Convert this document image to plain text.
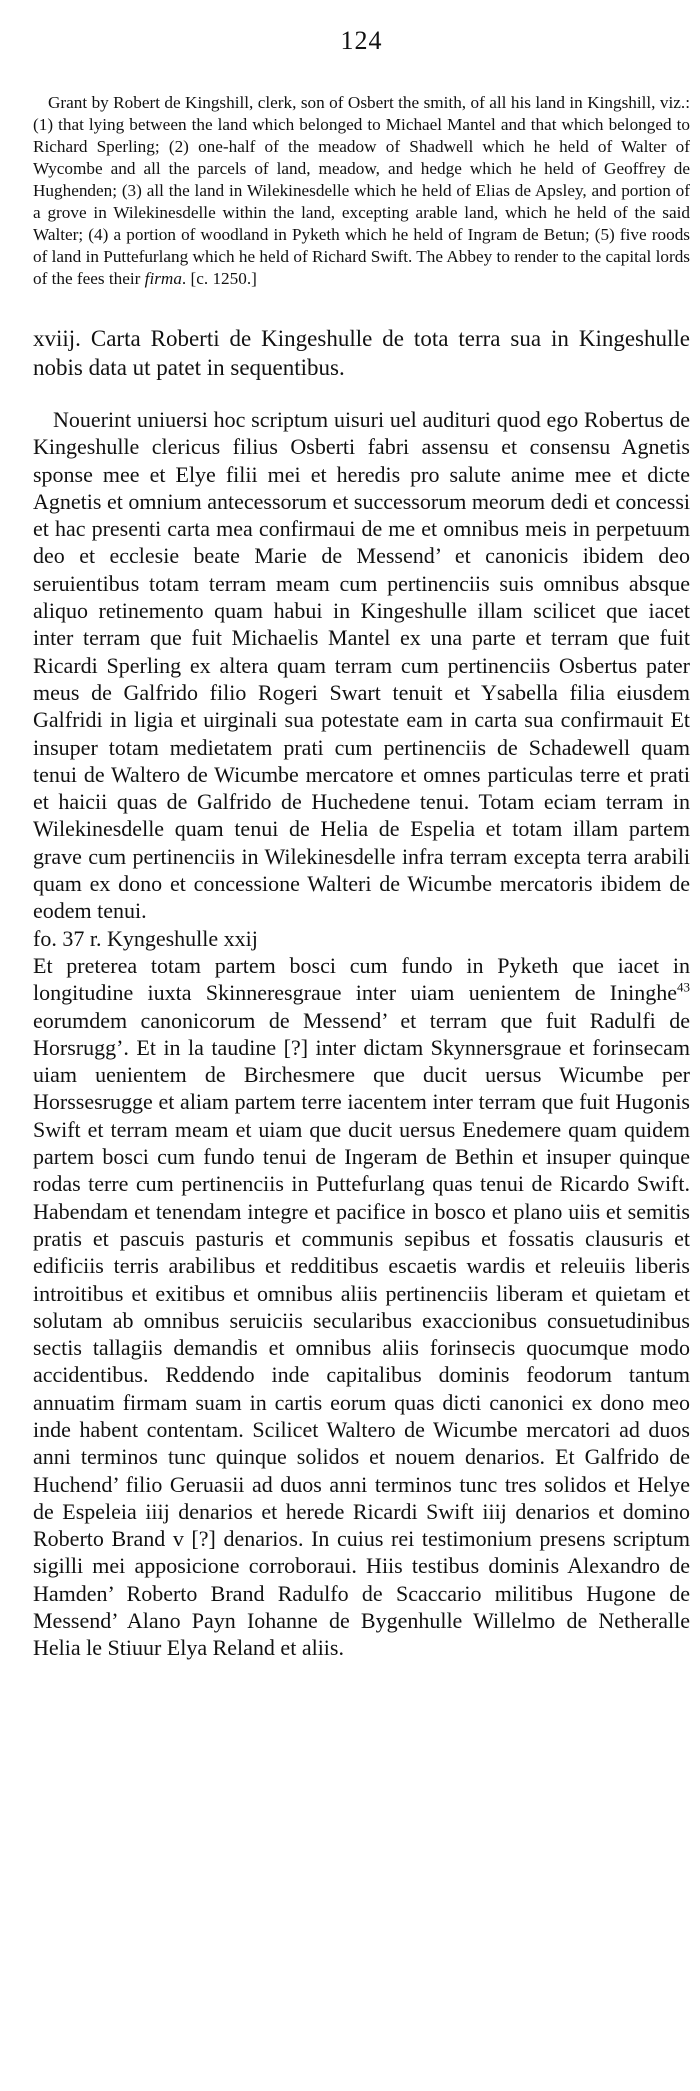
124

Grant by Robert de Kingshill, clerk, son of Osbert the smith, of all his land in Kingshill, viz.: (1) that lying between the land which belonged to Michael Mantel and that which belonged to Richard Sperling; (2) one-half of the meadow of Shadwell which he held of Walter of Wycombe and all the parcels of land, meadow, and hedge which he held of Geoffrey de Hughenden; (3) all the land in Wilekinesdelle which he held of Elias de Apsley, and portion of a grove in Wilekinesdelle within the land, excepting arable land, which he held of the said Walter; (4) a portion of woodland in Pyketh which he held of Ingram de Betun; (5) five roods of land in Puttefurlang which he held of Richard Swift. The Abbey to render to the capital lords of the fees their firma. [c. 1250.]

xviij. Carta Roberti de Kingeshulle de tota terra sua in Kingeshulle nobis data ut patet in sequentibus.

Nouerint uniuersi hoc scriptum uisuri uel audituri quod ego Robertus de Kingeshulle clericus filius Osberti fabri assensu et consensu Agnetis sponse mee et Elye filii mei et heredis pro salute anime mee et dicte Agnetis et omnium antecessorum et successorum meorum dedi et concessi et hac presenti carta mea confirmaui de me et omnibus meis in perpetuum deo et ecclesie beate Marie de Messend’ et canonicis ibidem deo seruientibus totam terram meam cum pertinenciis suis omnibus absque aliquo retinemento quam habui in Kingeshulle illam scilicet que iacet inter terram que fuit Michaelis Mantel ex una parte et terram que fuit Ricardi Sperling ex altera quam terram cum pertinenciis Osbertus pater meus de Galfrido filio Rogeri Swart tenuit et Ysabella filia eiusdem Galfridi in ligia et uirginali sua potestate eam in carta sua confirmauit Et insuper totam medietatem prati cum pertinenciis de Schadewell quam tenui de Waltero de Wicumbe mercatore et omnes particulas terre et prati et haicii quas de Galfrido de Huchedene tenui. Totam eciam terram in Wilekinesdelle quam tenui de Helia de Espelia et totam illam partem grave cum pertinenciis in Wilekinesdelle infra terram excepta terra arabili quam ex dono et concessione Walteri de Wicumbe mercatoris ibidem de eodem tenui.

fo. 37 r. Kyngeshulle xxij

Et preterea totam partem bosci cum fundo in Pyketh que iacet in longitudine iuxta Skinneresgraue inter uiam uenientem de Ininghe$^{43}$ eorumdem canonicorum de Messend’ et terram que fuit Radulfi de Horsrugg’. Et in la taudine [?] inter dictam Skynnersgraue et forinsecam uiam uenientem de Birchesmere que ducit uersus Wicumbe per Horssesrugge et aliam partem terre iacentem inter terram que fuit Hugonis Swift et terram meam et uiam que ducit uersus Enedemere quam quidem partem bosci cum fundo tenui de Ingeram de Bethin et insuper quinque rodas terre cum pertinenciis in Puttefurlang quas tenui de Ricardo Swift. Habendam et tenendam integre et pacifice in bosco et plano uiis et semitis pratis et pascuis pasturis et communis sepibus et fossatis clausuris et edificiis terris arabilibus et redditibus escaetis wardis et releuiis liberis introitibus et exitibus et omnibus aliis pertinenciis liberam et quietam et solutam ab omnibus seruiciis secularibus exaccionibus consuetudinibus sectis tallagiis demandis et omnibus aliis forinsecis quocumque modo accidentibus. Reddendo inde capitalibus dominis feodorum tantum annuatim firmam suam in cartis eorum quas dicti canonici ex dono meo inde habent contentam. Scilicet Waltero de Wicumbe mercatori ad duos anni terminos tunc quinque solidos et nouem denarios. Et Galfrido de Huchend’ filio Geruasii ad duos anni terminos tunc tres solidos et Helye de Espeleia iiij denarios et herede Ricardi Swift iiij denarios et domino Roberto Brand v [?] denarios. In cuius rei testimonium presens scriptum sigilli mei apposicione corroboraui. Hiis testibus dominis Alexandro de Hamden’ Roberto Brand Radulfo de Scaccario militibus Hugone de Messend’ Alano Payn Iohanne de Bygenhulle Willelmo de Netheralle Helia le Stiuur Elya Reland et aliis.
